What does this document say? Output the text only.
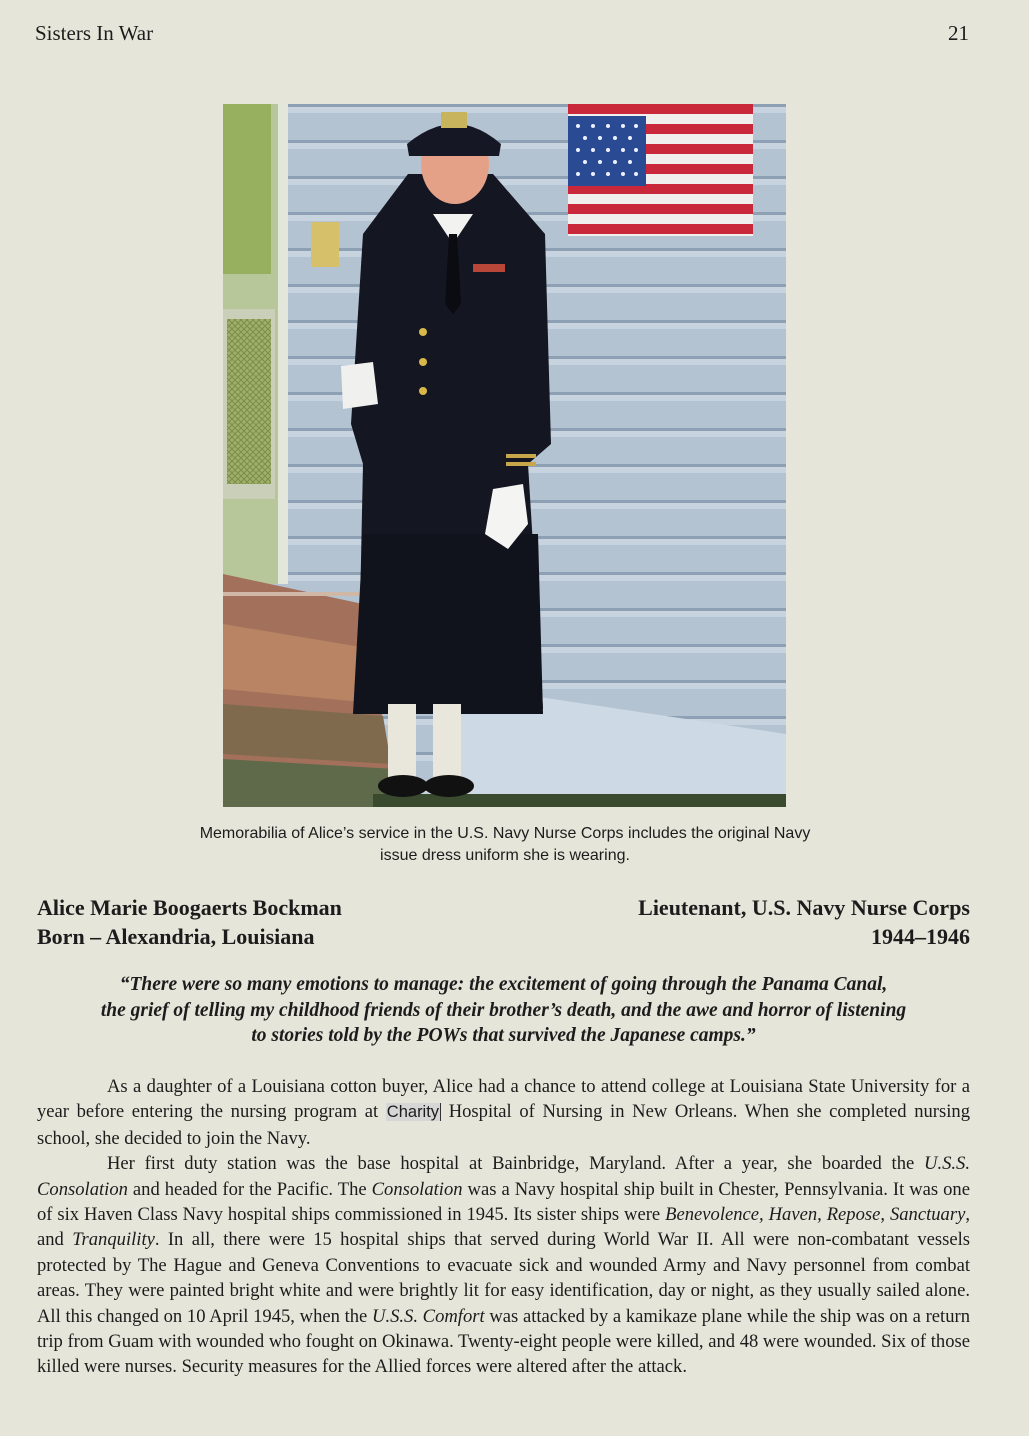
Sisters In War	21
Memorabilia of Alice’s service in the U.S. Navy Nurse Corps includes the original Navy
issue dress uniform she is wearing.
Alice Marie Boogaerts Bockman
Born – Alexandria, Louisiana
Lieutenant, U.S. Navy Nurse Corps
1944–1946
“There were so many emotions to manage: the excitement of going through the Panama Canal,
the grief of telling my childhood friends of their brother’s death, and the awe and horror of listening
to stories told by the POWs that survived the Japanese camps.”

As a daughter of a Louisiana cotton buyer, Alice had a chance to attend college at Louisiana State University for a year before entering the nursing program at Charity Hospital of Nursing in New Orleans. When she completed nursing school, she decided to join the Navy.

Her first duty station was the base hospital at Bainbridge, Maryland. After a year, she boarded the U.S.S. Consolation and headed for the Pacific. The Consolation was a Navy hospital ship built in Chester, Pennsylvania. It was one of six Haven Class Navy hospital ships commissioned in 1945. Its sister ships were Benevolence, Haven, Repose, Sanctuary, and Tranquility. In all, there were 15 hospital ships that served during World War II. All were non-combatant vessels protected by The Hague and Geneva Conventions to evacuate sick and wounded Army and Navy personnel from combat areas. They were painted bright white and were brightly lit for easy identification, day or night, as they usually sailed alone. All this changed on 10 April 1945, when the U.S.S. Comfort was attacked by a kamikaze plane while the ship was on a return trip from Guam with wounded who fought on Okinawa. Twenty-eight people were killed, and 48 were wounded. Six of those killed were nurses. Security measures for the Allied forces were altered after the attack.
